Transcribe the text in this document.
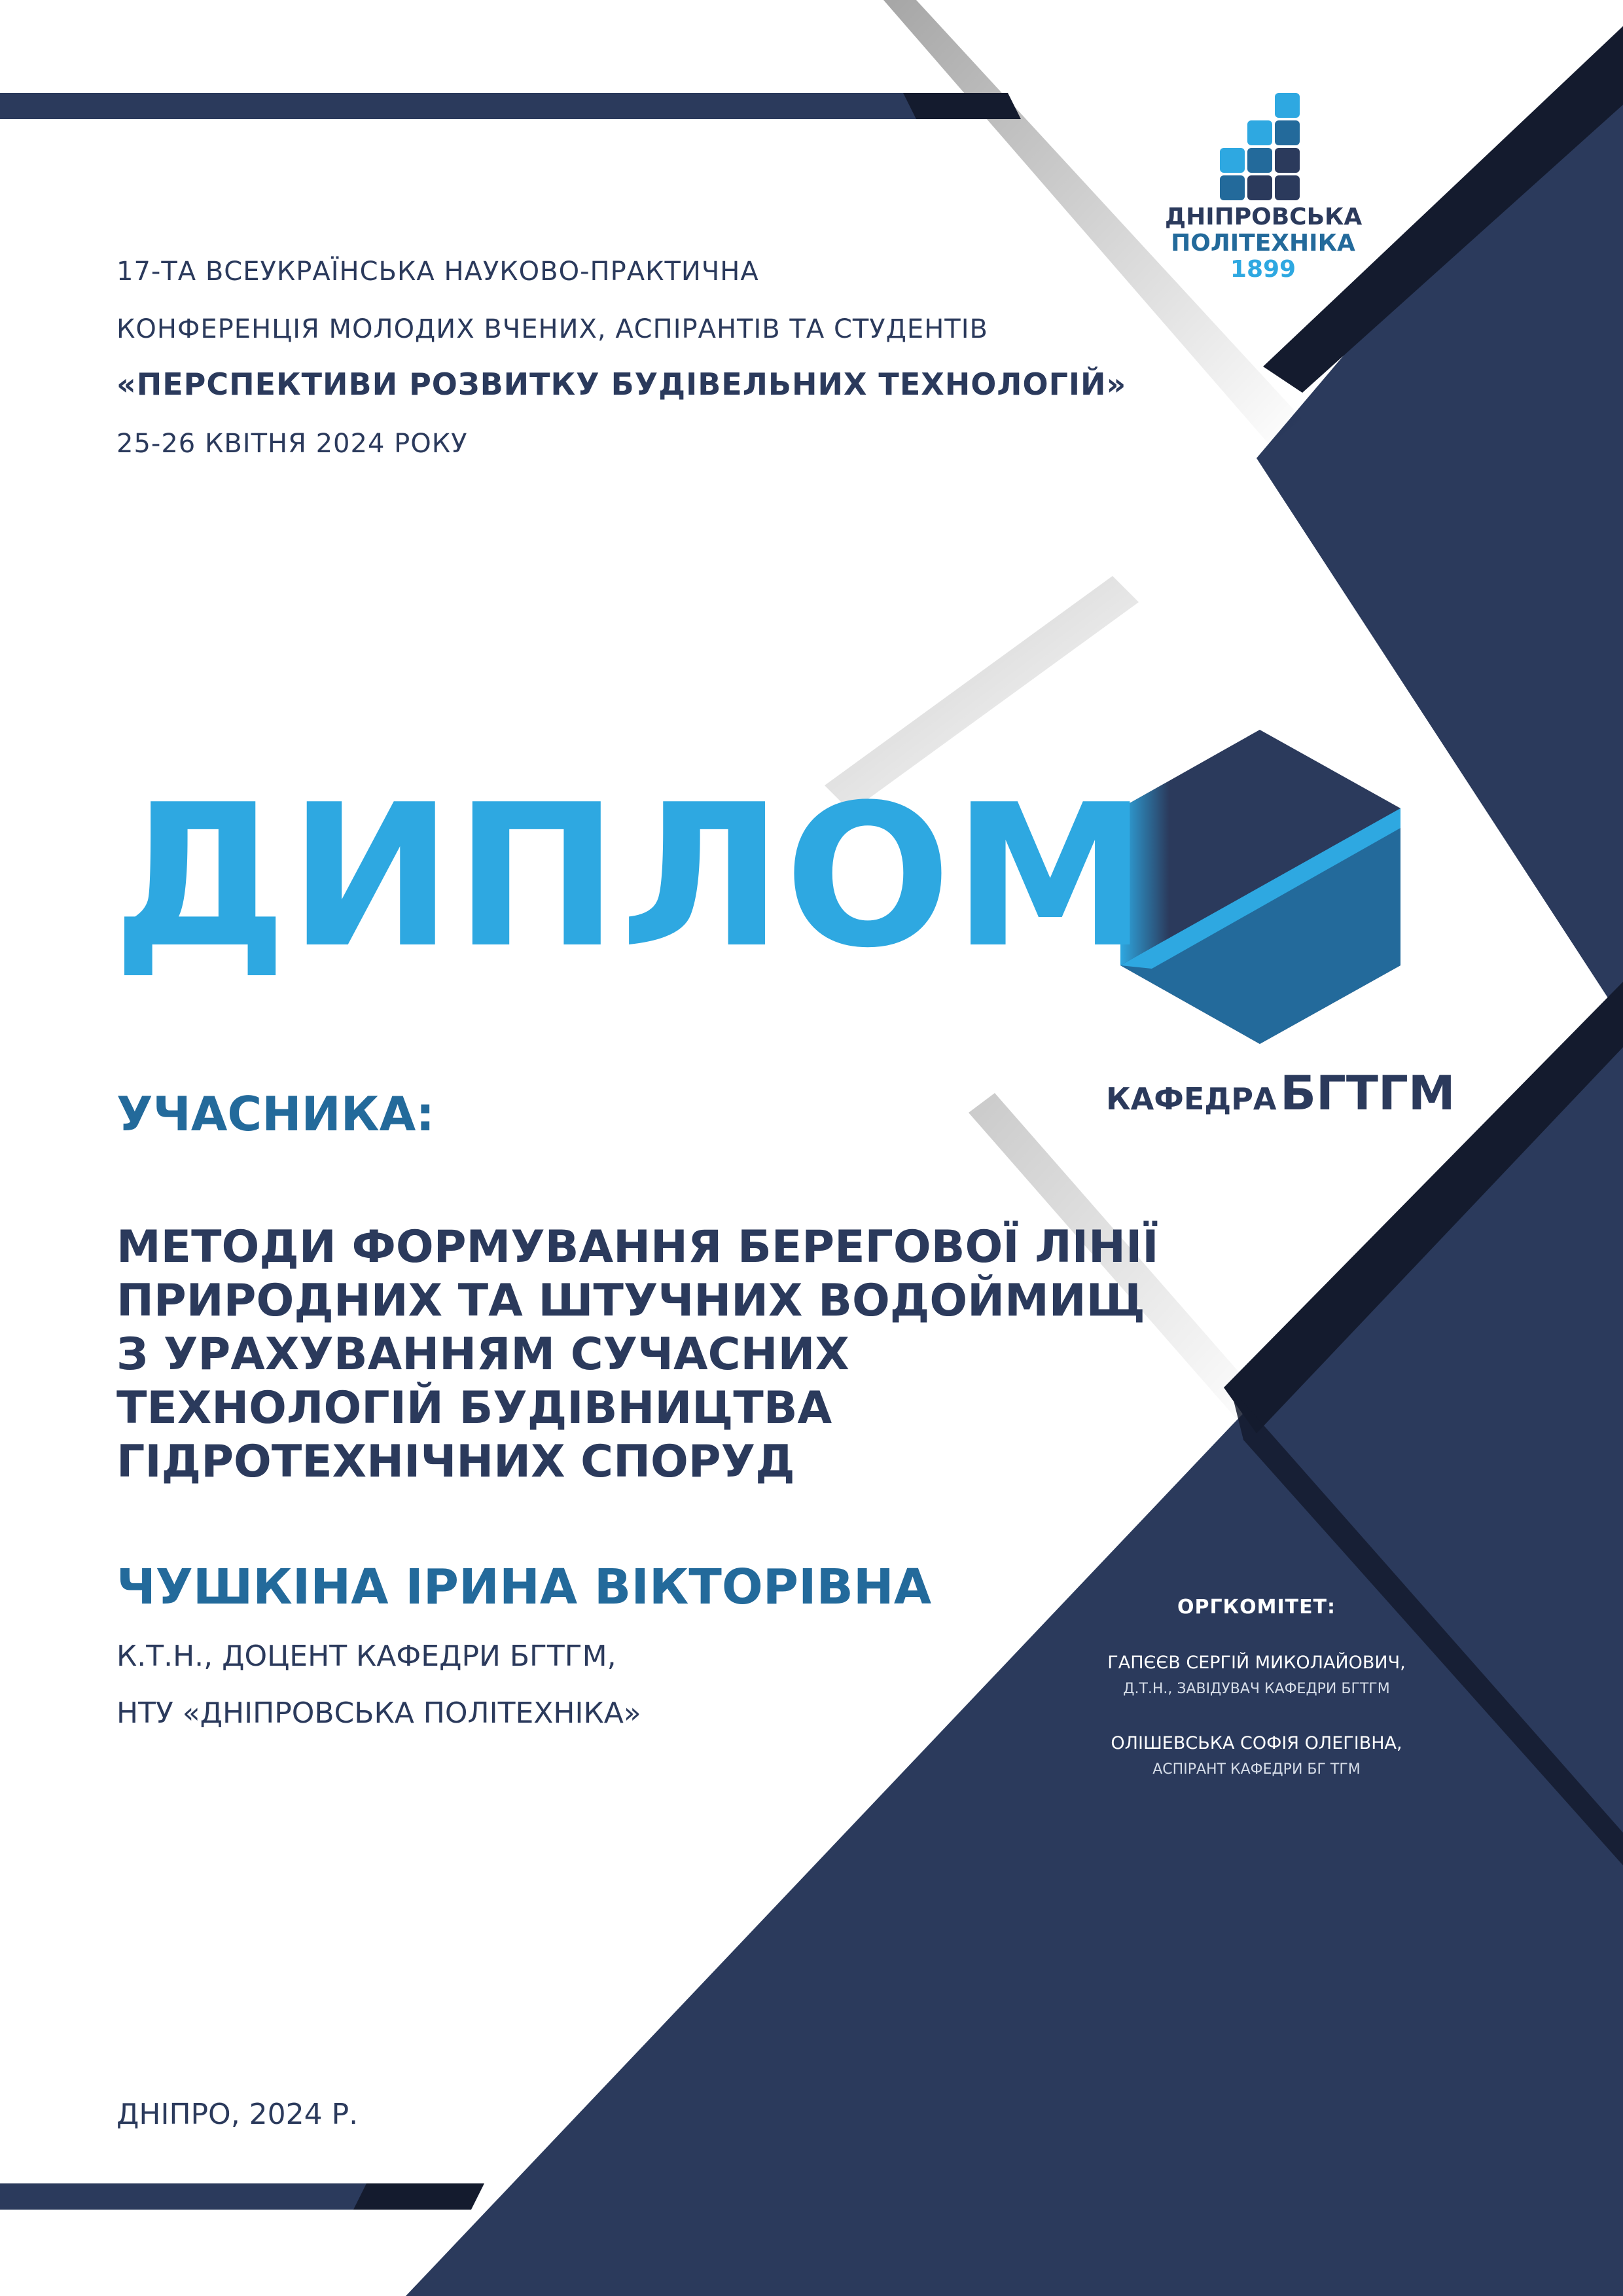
ДНІПРОВСЬКА
ПОЛІТЕХНІКА
1899

17-ТА ВСЕУКРАЇНСЬКА НАУКОВО-ПРАКТИЧНА

КОНФЕРЕНЦІЯ МОЛОДИХ ВЧЕНИХ, АСПІРАНТІВ ТА СТУДЕНТІВ

«ПЕРСПЕКТИВИ РОЗВИТКУ БУДІВЕЛЬНИХ ТЕХНОЛОГІЙ»

25-26 КВІТНЯ 2024 РОКУ

ДИПЛОМ

УЧАСНИКА:	КАФЕДРА БГТГМ

МЕТОДИ ФОРМУВАННЯ БЕРЕГОВОЇ ЛІНІЇ ПРИРОДНИХ ТА ШТУЧНИХ ВОДОЙМИЩ З УРАХУВАННЯМ СУЧАСНИХ ТЕХНОЛОГІЙ БУДІВНИЦТВА ГІДРОТЕХНІЧНИХ СПОРУД

ЧУШКІНА ІРИНА ВІКТОРІВНА

К.Т.Н., ДОЦЕНТ КАФЕДРИ БГТГМ,

НТУ «ДНІПРОВСЬКА ПОЛІТЕХНІКА»

ОРГКОМІТЕТ:
ГАПЄЄВ СЕРГІЙ МИКОЛАЙОВИЧ,
Д.Т.Н., ЗАВІДУВАЧ КАФЕДРИ БГТГМ
ОЛІШЕВСЬКА СОФІЯ ОЛЕГІВНА,
АСПІРАНТ КАФЕДРИ БГ ТГМ

ДНІПРО, 2024 Р.
